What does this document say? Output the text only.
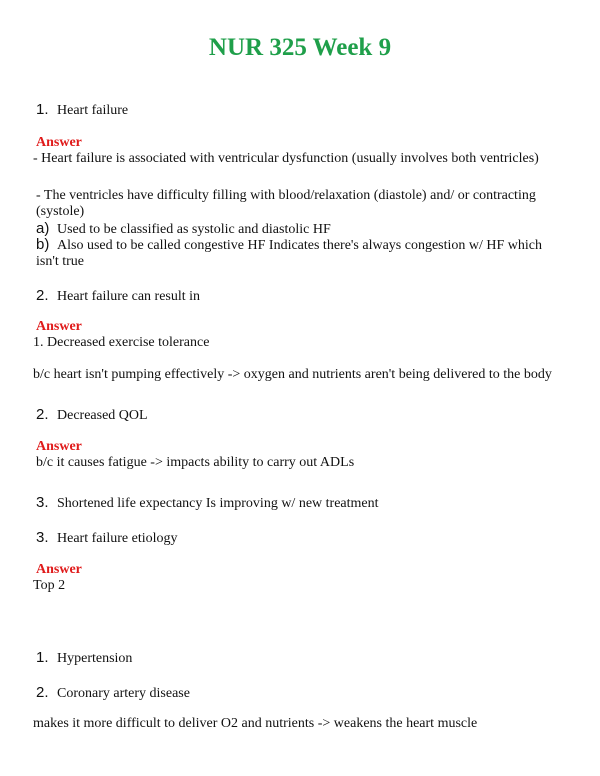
NUR 325 Week 9
1. Heart failure
Answer
- Heart failure is associated with ventricular dysfunction (usually involves both ventricles)
- The ventricles have difficulty filling with blood/relaxation (diastole) and/ or contracting (systole)
a) Used to be classified as systolic and diastolic HF
b) Also used to be called congestive HF Indicates there's always congestion w/ HF which isn't true
2. Heart failure can result in
Answer
1. Decreased exercise tolerance
b/c heart isn't pumping effectively -> oxygen and nutrients aren't being delivered to the body
2. Decreased QOL
Answer
b/c it causes fatigue -> impacts ability to carry out ADLs
3. Shortened life expectancy Is improving w/ new treatment
3. Heart failure etiology
Answer
Top 2
1. Hypertension
2. Coronary artery disease
makes it more difficult to deliver O2 and nutrients -> weakens the heart muscle
